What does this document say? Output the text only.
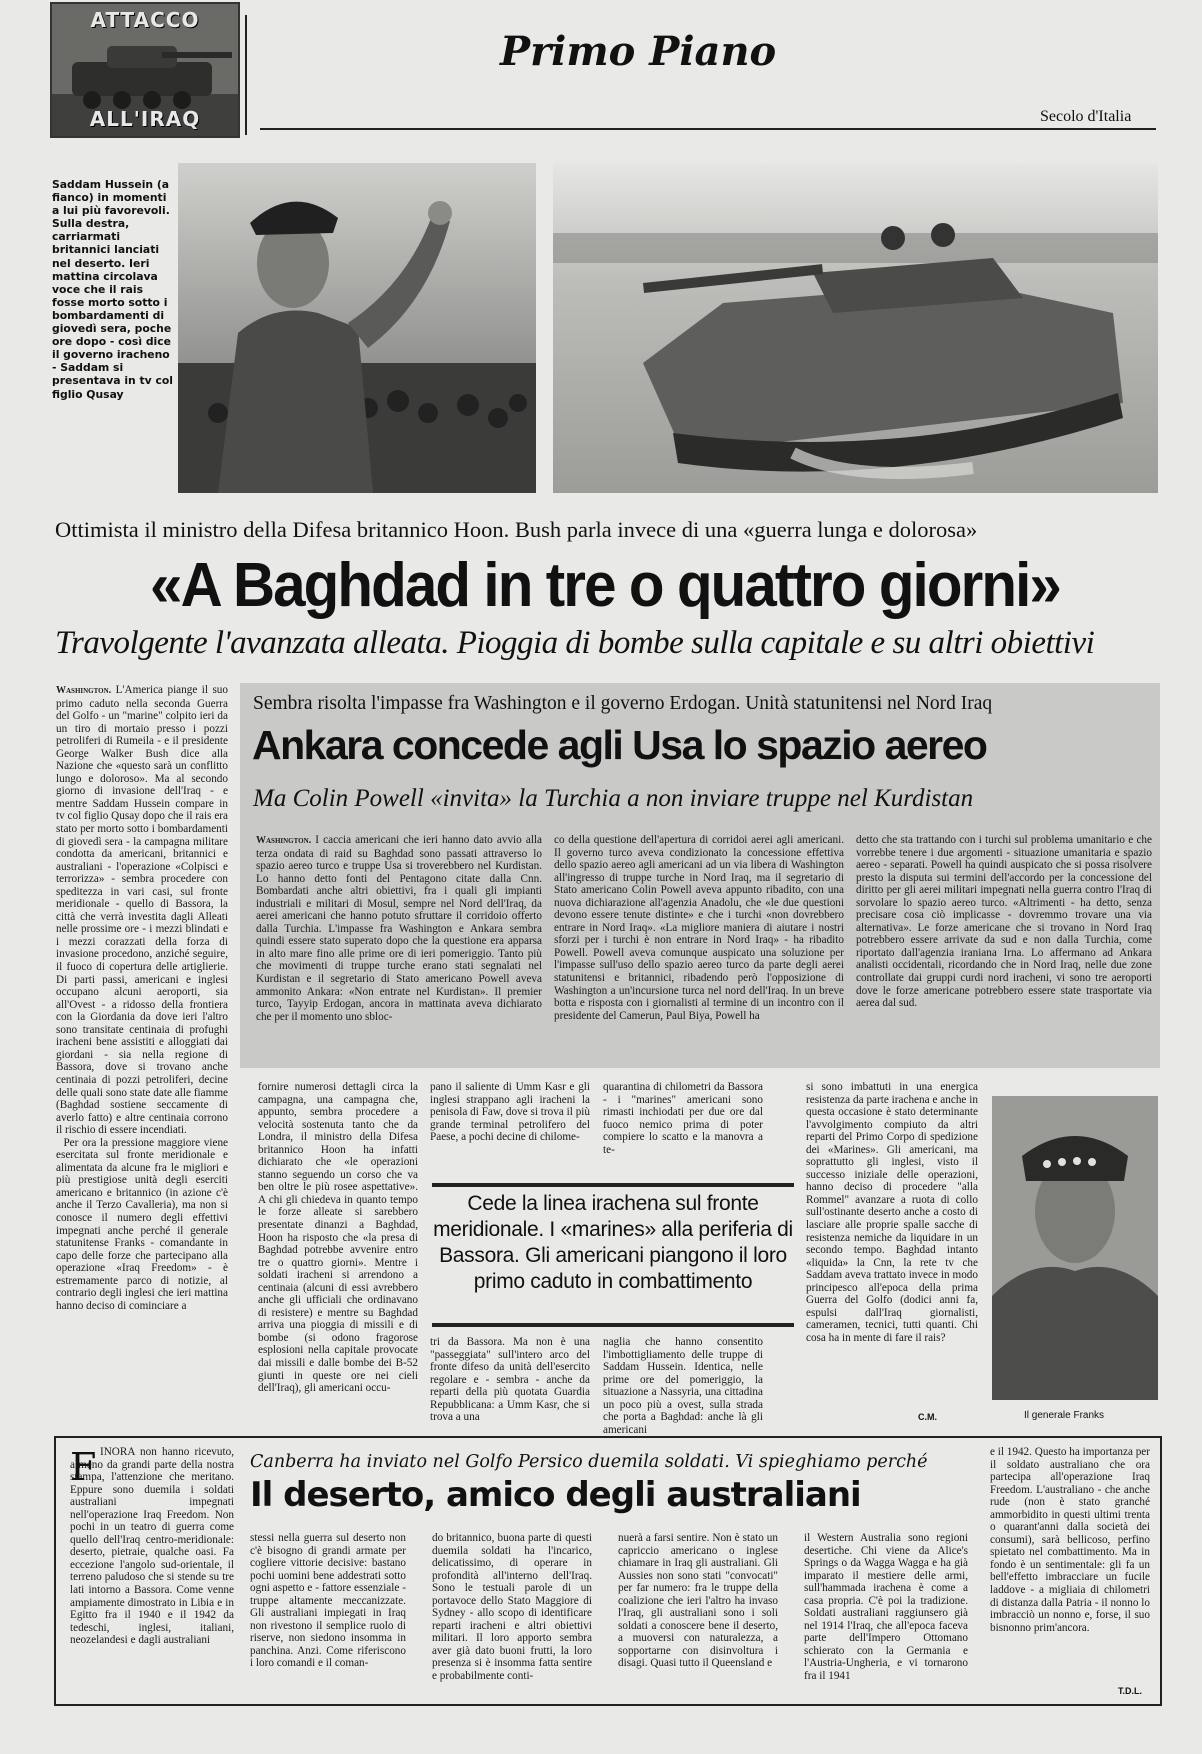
ATTACCO
ALL'IRAQ
Primo Piano
Secolo d'Italia
Saddam Hussein (a fianco) in momenti a lui più favorevoli. Sulla destra, carriarmati britannici lanciati nel deserto. Ieri mattina circolava voce che il rais fosse morto sotto i bombardamenti di giovedì sera, poche ore dopo - così dice il governo iracheno - Saddam si presentava in tv col figlio Qusay
Ottimista il ministro della Difesa britannico Hoon. Bush parla invece di una «guerra lunga e dolorosa»
«A Baghdad in tre o quattro giorni»
Travolgente l'avanzata alleata. Pioggia di bombe sulla capitale e su altri obiettivi
Washington. L'America piange il suo primo caduto nella seconda Guerra del Golfo - un "marine" colpito ieri da un tiro di mortaio presso i pozzi petroliferi di Rumeila - e il presidente George Walker Bush dice alla Nazione che «questo sarà un conflitto lungo e doloroso». Ma al secondo giorno di invasione dell'Iraq - e mentre Saddam Hussein compare in tv col figlio Qusay dopo che il rais era stato per morto sotto i bombardamenti di giovedì sera - la campagna militare condotta da americani, britannici e australiani - l'operazione «Colpisci e terrorizza» - sembra procedere con speditezza in vari casi, sul fronte meridionale - quello di Bassora, la città che verrà investita dagli Alleati nelle prossime ore - i mezzi blindati e i mezzi corazzati della forza di invasione procedono, anziché seguire, il fuoco di copertura delle artiglierie. Di parti passi, americani e inglesi occupano alcuni aeroporti, sia all'Ovest - a ridosso della frontiera con la Giordania da dove ieri l'altro sono transitate centinaia di profughi iracheni bene assistiti e alloggiati dai giordani - sia nella regione di Bassora, dove si trovano anche centinaia di pozzi petroliferi, decine delle quali sono state date alle fiamme (Baghdad sostiene seccamente di averlo fatto) e altre centinaia corrono il rischio di essere incendiati.
Per ora la pressione maggiore viene esercitata sul fronte meridionale e alimentata da alcune fra le migliori e più prestigiose unità degli eserciti americano e britannico (in azione c'è anche il Terzo Cavalleria), ma non si conosce il numero degli effettivi impegnati anche perché il generale statunitense Franks - comandante in capo delle forze che partecipano alla operazione «Iraq Freedom» - è estremamente parco di notizie, al contrario degli inglesi che ieri mattina hanno deciso di cominciare a
Sembra risolta l'impasse fra Washington e il governo Erdogan. Unità statunitensi nel Nord Iraq
Ankara concede agli Usa lo spazio aereo
Ma Colin Powell «invita» la Turchia a non inviare truppe nel Kurdistan
Washington. I caccia americani che ieri hanno dato avvio alla terza ondata di raid su Baghdad sono passati attraverso lo spazio aereo turco e truppe Usa si troverebbero nel Kurdistan. Lo hanno detto fonti del Pentagono citate dalla Cnn. Bombardati anche altri obiettivi, fra i quali gli impianti industriali e militari di Mosul, sempre nel Nord dell'Iraq, da aerei americani che hanno potuto sfruttare il corridoio offerto dalla Turchia. L'impasse fra Washington e Ankara sembra quindi essere stato superato dopo che la questione era apparsa in alto mare fino alle prime ore di ieri pomeriggio. Tanto più che movimenti di truppe turche erano stati segnalati nel Kurdistan e il segretario di Stato americano Powell aveva ammonito Ankara: «Non entrate nel Kurdistan». Il premier turco, Tayyip Erdogan, ancora in mattinata aveva dichiarato che per il momento uno sbloc-
co della questione dell'apertura di corridoi aerei agli americani. Il governo turco aveva condizionato la concessione effettiva dello spazio aereo agli americani ad un via libera di Washington all'ingresso di truppe turche in Nord Iraq, ma il segretario di Stato americano Colin Powell aveva appunto ribadito, con una nuova dichiarazione all'agenzia Anadolu, che «le due questioni devono essere tenute distinte» e che i turchi «non dovrebbero entrare in Nord Iraq». «La migliore maniera di aiutare i nostri sforzi per i turchi è non entrare in Nord Iraq» - ha ribadito Powell. Powell aveva comunque auspicato una soluzione per l'impasse sull'uso dello spazio aereo turco da parte degli aerei statunitensi e britannici, ribadendo però l'opposizione di Washington a un'incursione turca nel nord dell'Iraq. In un breve botta e risposta con i giornalisti al termine di un incontro con il presidente del Camerun, Paul Biya, Powell ha
detto che sta trattando con i turchi sul problema umanitario e che vorrebbe tenere i due argomenti - situazione umanitaria e spazio aereo - separati. Powell ha quindi auspicato che si possa risolvere presto la disputa sui termini dell'accordo per la concessione del diritto per gli aerei militari impegnati nella guerra contro l'Iraq di sorvolare lo spazio aereo turco. «Altrimenti - ha detto, senza precisare cosa ciò implicasse - dovremmo trovare una via alternativa». Le forze americane che si trovano in Nord Iraq potrebbero essere arrivate da sud e non dalla Turchia, come riportato dall'agenzia iraniana Irna. Lo affermano ad Ankara analisti occidentali, ricordando che in Nord Iraq, nelle due zone controllate dai gruppi curdi nord iracheni, vi sono tre aeroporti dove le forze americane potrebbero essere state trasportate via aerea dal sud.
fornire numerosi dettagli circa la campagna, una campagna che, appunto, sembra procedere a velocità sostenuta tanto che da Londra, il ministro della Difesa britannico Hoon ha infatti dichiarato che «le operazioni stanno seguendo un corso che va ben oltre le più rosee aspettative». A chi gli chiedeva in quanto tempo le forze alleate si sarebbero presentate dinanzi a Baghdad, Hoon ha risposto che «la presa di Baghdad potrebbe avvenire entro tre o quattro giorni». Mentre i soldati iracheni si arrendono a centinaia (alcuni di essi avrebbero anche gli ufficiali che ordinavano di resistere) e mentre su Baghdad arriva una pioggia di missili e di bombe (si odono fragorose esplosioni nella capitale provocate dai missili e dalle bombe dei B-52 giunti in queste ore nei cieli dell'Iraq), gli americani occu-
pano il saliente di Umm Kasr e gli inglesi strappano agli iracheni la penisola di Faw, dove si trova il più grande terminal petrolifero del Paese, a pochi decine di chilome-
quarantina di chilometri da Bassora - i "marines" americani sono rimasti inchiodati per due ore dal fuoco nemico prima di poter compiere lo scatto e la manovra a te-
Cede la linea irachena sul fronte meridionale. I «marines» alla periferia di Bassora. Gli americani piangono il loro primo caduto in combattimento
tri da Bassora. Ma non è una "passeggiata" sull'intero arco del fronte difeso da unità dell'esercito regolare e - sembra - anche da reparti della più quotata Guardia Repubblicana: a Umm Kasr, che si trova a una
naglia che hanno consentito l'imbottigliamento delle truppe di Saddam Hussein. Identica, nelle prime ore del pomeriggio, la situazione a Nassyria, una cittadina un poco più a ovest, sulla strada che porta a Baghdad: anche là gli americani
si sono imbattuti in una energica resistenza da parte irachena e anche in questa occasione è stato determinante l'avvolgimento compiuto da altri reparti del Primo Corpo di spedizione dei «Marines». Gli americani, ma soprattutto gli inglesi, visto il successo iniziale delle operazioni, hanno deciso di procedere "alla Rommel" avanzare a ruota di collo sull'ostinante deserto anche a costo di lasciare alle proprie spalle sacche di resistenza nemiche da liquidare in un secondo tempo. Baghdad intanto «liquida» la Cnn, la rete tv che Saddam aveva trattato invece in modo principesco all'epoca della prima Guerra del Golfo (dodici anni fa, espulsi dall'Iraq giornalisti, cameramen, tecnici, tutti quanti. Chi cosa ha in mente di fare il rais?
C.M.	Il generale Franks
F INORA non hanno ricevuto, almeno da grandi parte della nostra stampa, l'attenzione che meritano. Eppure sono duemila i soldati australiani impegnati nell'operazione Iraq Freedom. Non pochi in un teatro di guerra come quello dell'Iraq centro-meridionale: deserto, pietraie, qualche oasi. Fa eccezione l'angolo sud-orientale, il terreno paludoso che si stende su tre lati intorno a Bassora. Come venne ampiamente dimostrato in Libia e in Egitto fra il 1940 e il 1942 da tedeschi, inglesi, italiani, neozelandesi e dagli australiani
Canberra ha inviato nel Golfo Persico duemila soldati. Vi spieghiamo perché
Il deserto, amico degli australiani
stessi nella guerra sul deserto non c'è bisogno di grandi armate per cogliere vittorie decisive: bastano pochi uomini bene addestrati sotto ogni aspetto e - fattore essenziale - truppe altamente meccanizzate. Gli australiani impiegati in Iraq non rivestono il semplice ruolo di riserve, non siedono insomma in panchina. Anzi. Come riferiscono i loro comandi e il coman-
do britannico, buona parte di questi duemila soldati ha l'incarico, delicatissimo, di operare in profondità all'interno dell'Iraq. Sono le testuali parole di un portavoce dello Stato Maggiore di Sydney - allo scopo di identificare reparti iracheni e altri obiettivi militari. Il loro apporto sembra aver già dato buoni frutti, la loro presenza si è insomma fatta sentire e probabilmente conti-
nuerà a farsi sentire. Non è stato un capriccio americano o inglese chiamare in Iraq gli australiani. Gli Aussies non sono stati "convocati" per far numero: fra le truppe della coalizione che ieri l'altro ha invaso l'Iraq, gli australiani sono i soli soldati a conoscere bene il deserto, a muoversi con naturalezza, a sopportarne con disinvoltura i disagi. Quasi tutto il Queensland e
il Western Australia sono regioni desertiche. Chi viene da Alice's Springs o da Wagga Wagga e ha già imparato il mestiere delle armi, sull'hammada irachena è come a casa propria. C'è poi la tradizione. Soldati australiani raggiunsero già nel 1914 l'Iraq, che all'epoca faceva parte dell'Impero Ottomano schierato con la Germania e l'Austria-Ungheria, e vi tornarono fra il 1941
e il 1942. Questo ha importanza per il soldato australiano che ora partecipa all'operazione Iraq Freedom. L'australiano - che anche rude (non è stato granché ammorbidito in questi ultimi trenta o quarant'anni dalla società dei consumi), sarà bellicoso, perfino spietato nel combattimento. Ma in fondo è un sentimentale: gli fa un bell'effetto imbracciare un fucile laddove - a migliaia di chilometri di distanza dalla Patria - il nonno lo imbracciò un nonno e, forse, il suo bisnonno prim'ancora.
T.D.L.
